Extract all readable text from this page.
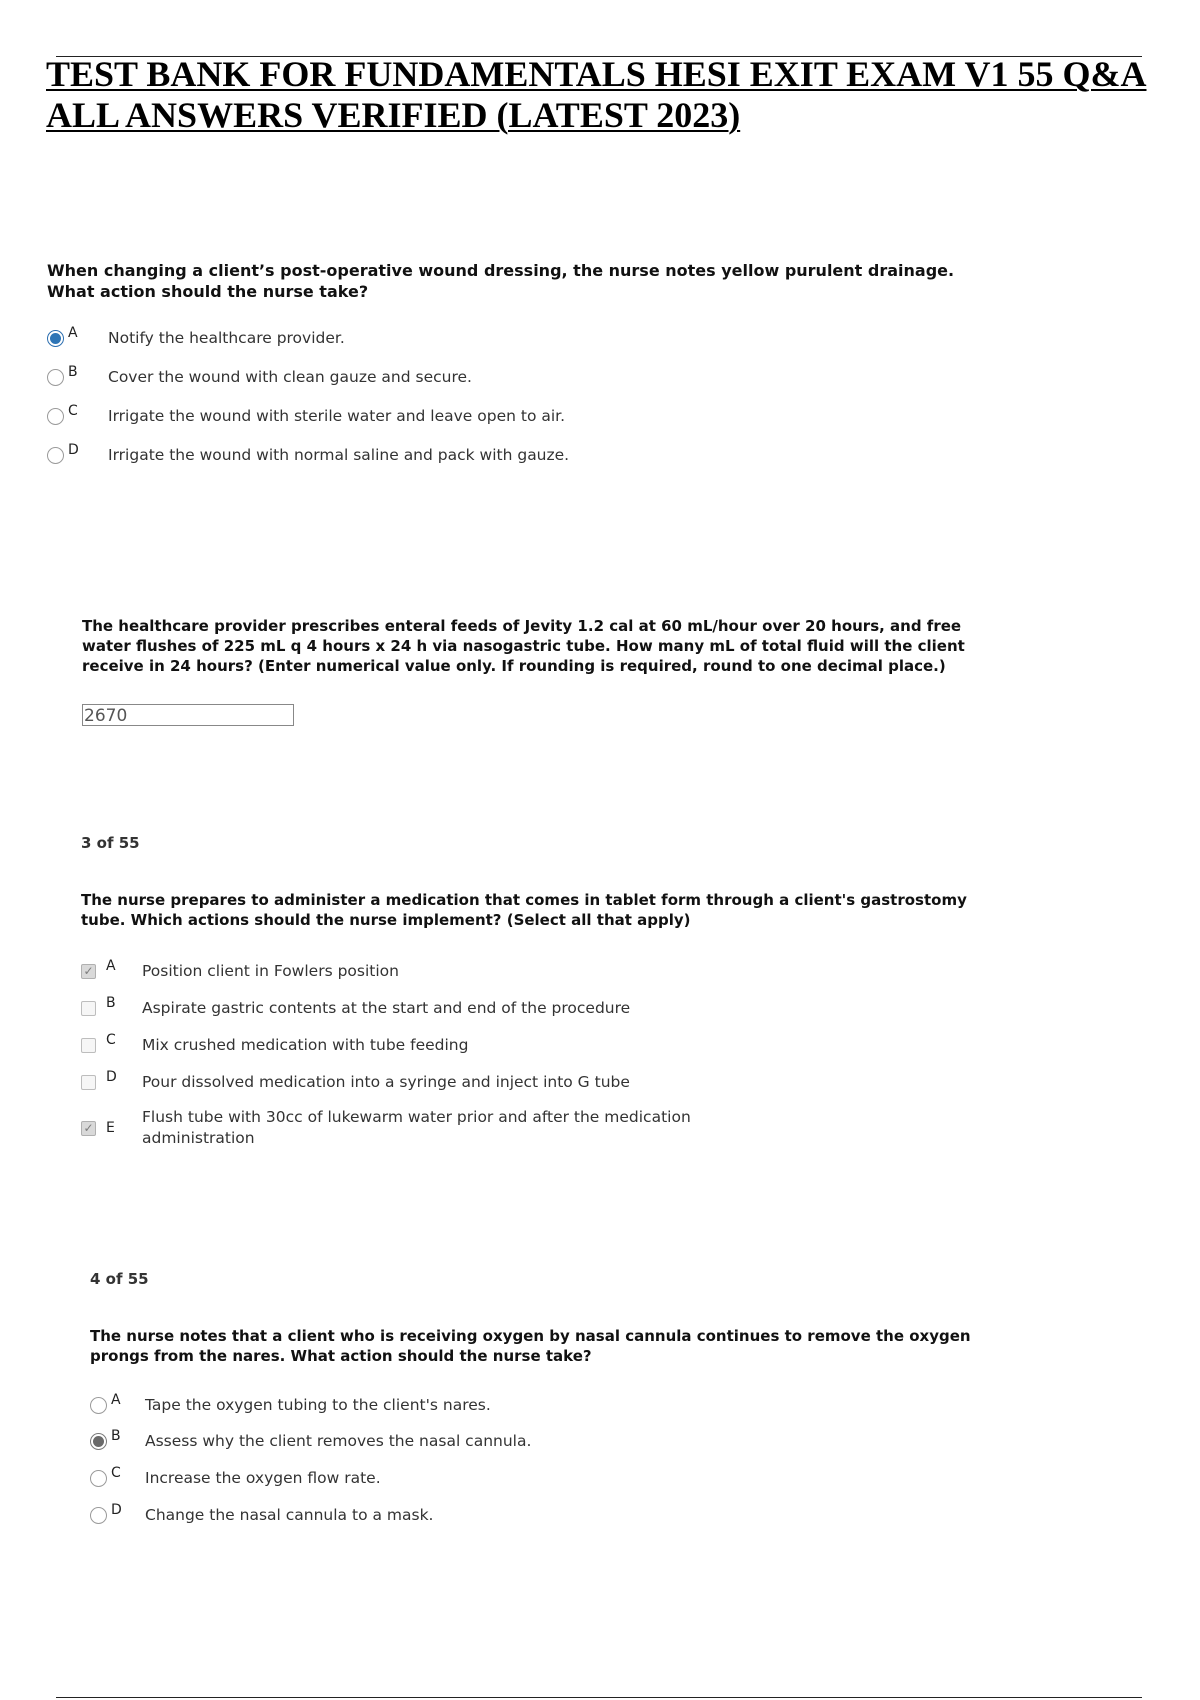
TEST BANK FOR FUNDAMENTALS HESI EXIT EXAM V1 55 Q&A ALL ANSWERS VERIFIED (LATEST 2023)

When changing a client’s post-operative wound dressing, the nurse notes yellow purulent drainage. What action should the nurse take?

A Notify the healthcare provider.
B Cover the wound with clean gauze and secure.
C Irrigate the wound with sterile water and leave open to air.
D Irrigate the wound with normal saline and pack with gauze.

The healthcare provider prescribes enteral feeds of Jevity 1.2 cal at 60 mL/hour over 20 hours, and free water flushes of 225 mL q 4 hours x 24 h via nasogastric tube. How many mL of total fluid will the client receive in 24 hours? (Enter numerical value only. If rounding is required, round to one decimal place.)

2670
3 of 55

The nurse prepares to administer a medication that comes in tablet form through a client's gastrostomy tube. Which actions should the nurse implement? (Select all that apply)

✓ A Position client in Fowlers position
B Aspirate gastric contents at the start and end of the procedure
C Mix crushed medication with tube feeding
D Pour dissolved medication into a syringe and inject into G tube
✓ E
Flush tube with 30cc of lukewarm water prior and after the medication administration
4 of 55

The nurse notes that a client who is receiving oxygen by nasal cannula continues to remove the oxygen prongs from the nares. What action should the nurse take?

A Tape the oxygen tubing to the client's nares.
B Assess why the client removes the nasal cannula.
C Increase the oxygen flow rate.
D Change the nasal cannula to a mask.
